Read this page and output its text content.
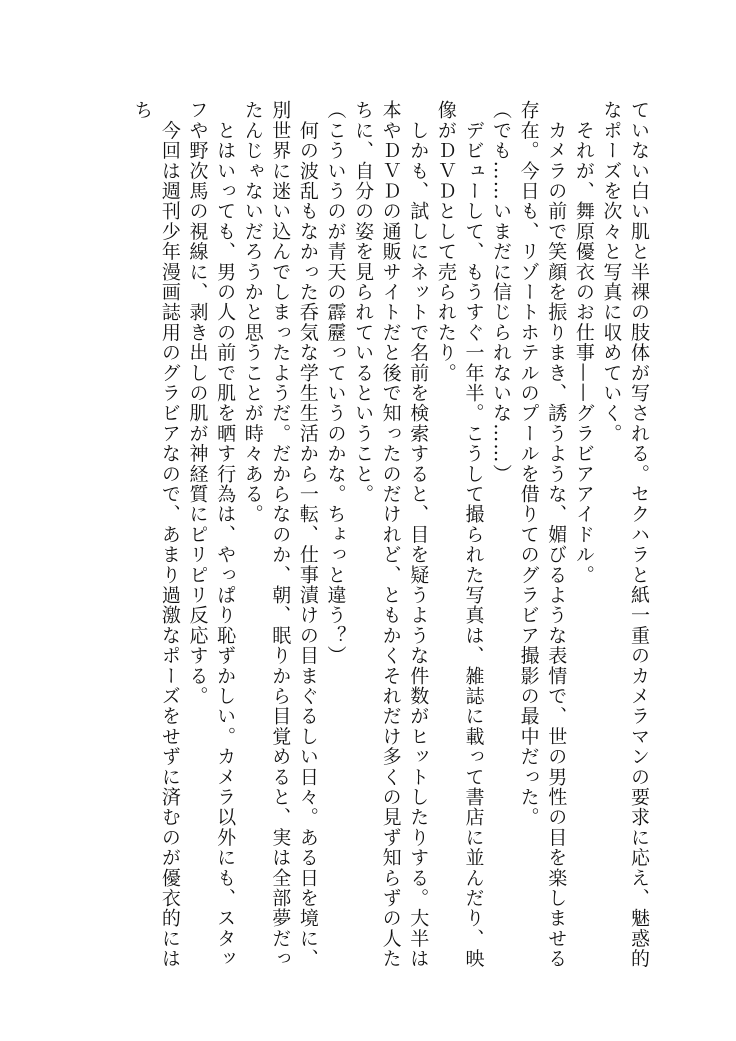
ていない白い肌と半裸の肢体が写される。セクハラと紙一重のカメラマンの要求に応え、魅惑的なポーズを次々と写真に収めていく。

　それが、舞原優衣のお仕事——グラビアアイドル。

　カメラの前で笑顔を振りまき、誘うような、媚びるような表情で、世の男性の目を楽しませる存在。今日も、リゾートホテルのプールを借りてのグラビア撮影の最中だった。

（でも……いまだに信じられないな……）

　デビューして、もうすぐ一年半。こうして撮られた写真は、雑誌に載って書店に並んだり、映像がＤＶＤとして売られたり。

　しかも、試しにネットで名前を検索すると、目を疑うような件数がヒットしたりする。大半は本やＤＶＤの通販サイトだと後で知ったのだけれど、ともかくそれだけ多くの見ず知らずの人たちに、自分の姿を見られているということ。

（こういうのが青天の霹靂っていうのかな。ちょっと違う？）

　何の波乱もなかった呑気な学生生活から一転、仕事漬けの目まぐるしい日々。ある日を境に、別世界に迷い込んでしまったようだ。だからなのか、朝、眠りから目覚めると、実は全部夢だったんじゃないだろうかと思うことが時々ある。

　とはいっても、男の人の前で肌を晒す行為は、やっぱり恥ずかしい。カメラ以外にも、スタッフや野次馬の視線に、剥き出しの肌が神経質にピリピリ反応する。

　今回は週刊少年漫画誌用のグラビアなので、あまり過激なポーズをせずに済むのが優衣的にはち
